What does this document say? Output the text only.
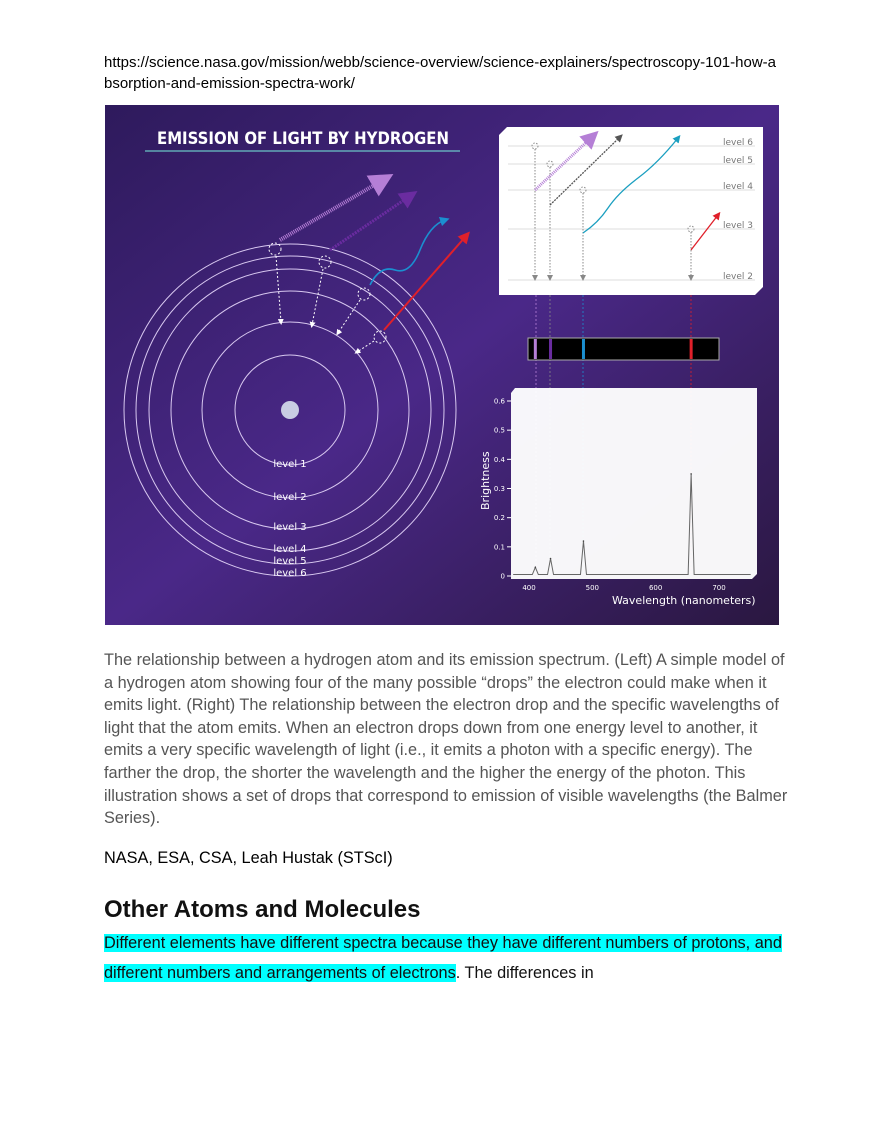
https://science.nasa.gov/mission/webb/science-overview/science-explainers/spectroscopy-101-how-absorption-and-emission-spectra-work/
EMISSION OF LIGHT BY HYDROGEN
level 1
level 2
level 3
level 4
level 5
level 6
level 6
level 5
level 4
level 3
level 2
400	500	600	700
0
0.1
0.2
0.3
0.4
0.5
0.6
Wavelength (nanometers)
Brightness
The relationship between a hydrogen atom and its emission spectrum. (Left) A simple model of a hydrogen atom showing four of the many possible “drops” the electron could make when it emits light. (Right) The relationship between the electron drop and the specific wavelengths of light that the atom emits. When an electron drops down from one energy level to another, it emits a very specific wavelength of light (i.e., it emits a photon with a specific energy). The farther the drop, the shorter the wavelength and the higher the energy of the photon. This illustration shows a set of drops that correspond to emission of visible wavelengths (the Balmer Series).
NASA, ESA, CSA, Leah Hustak (STScI)
Other Atoms and Molecules
Different elements have different spectra because they have different numbers of protons, and different numbers and arrangements of electrons. The differences in
